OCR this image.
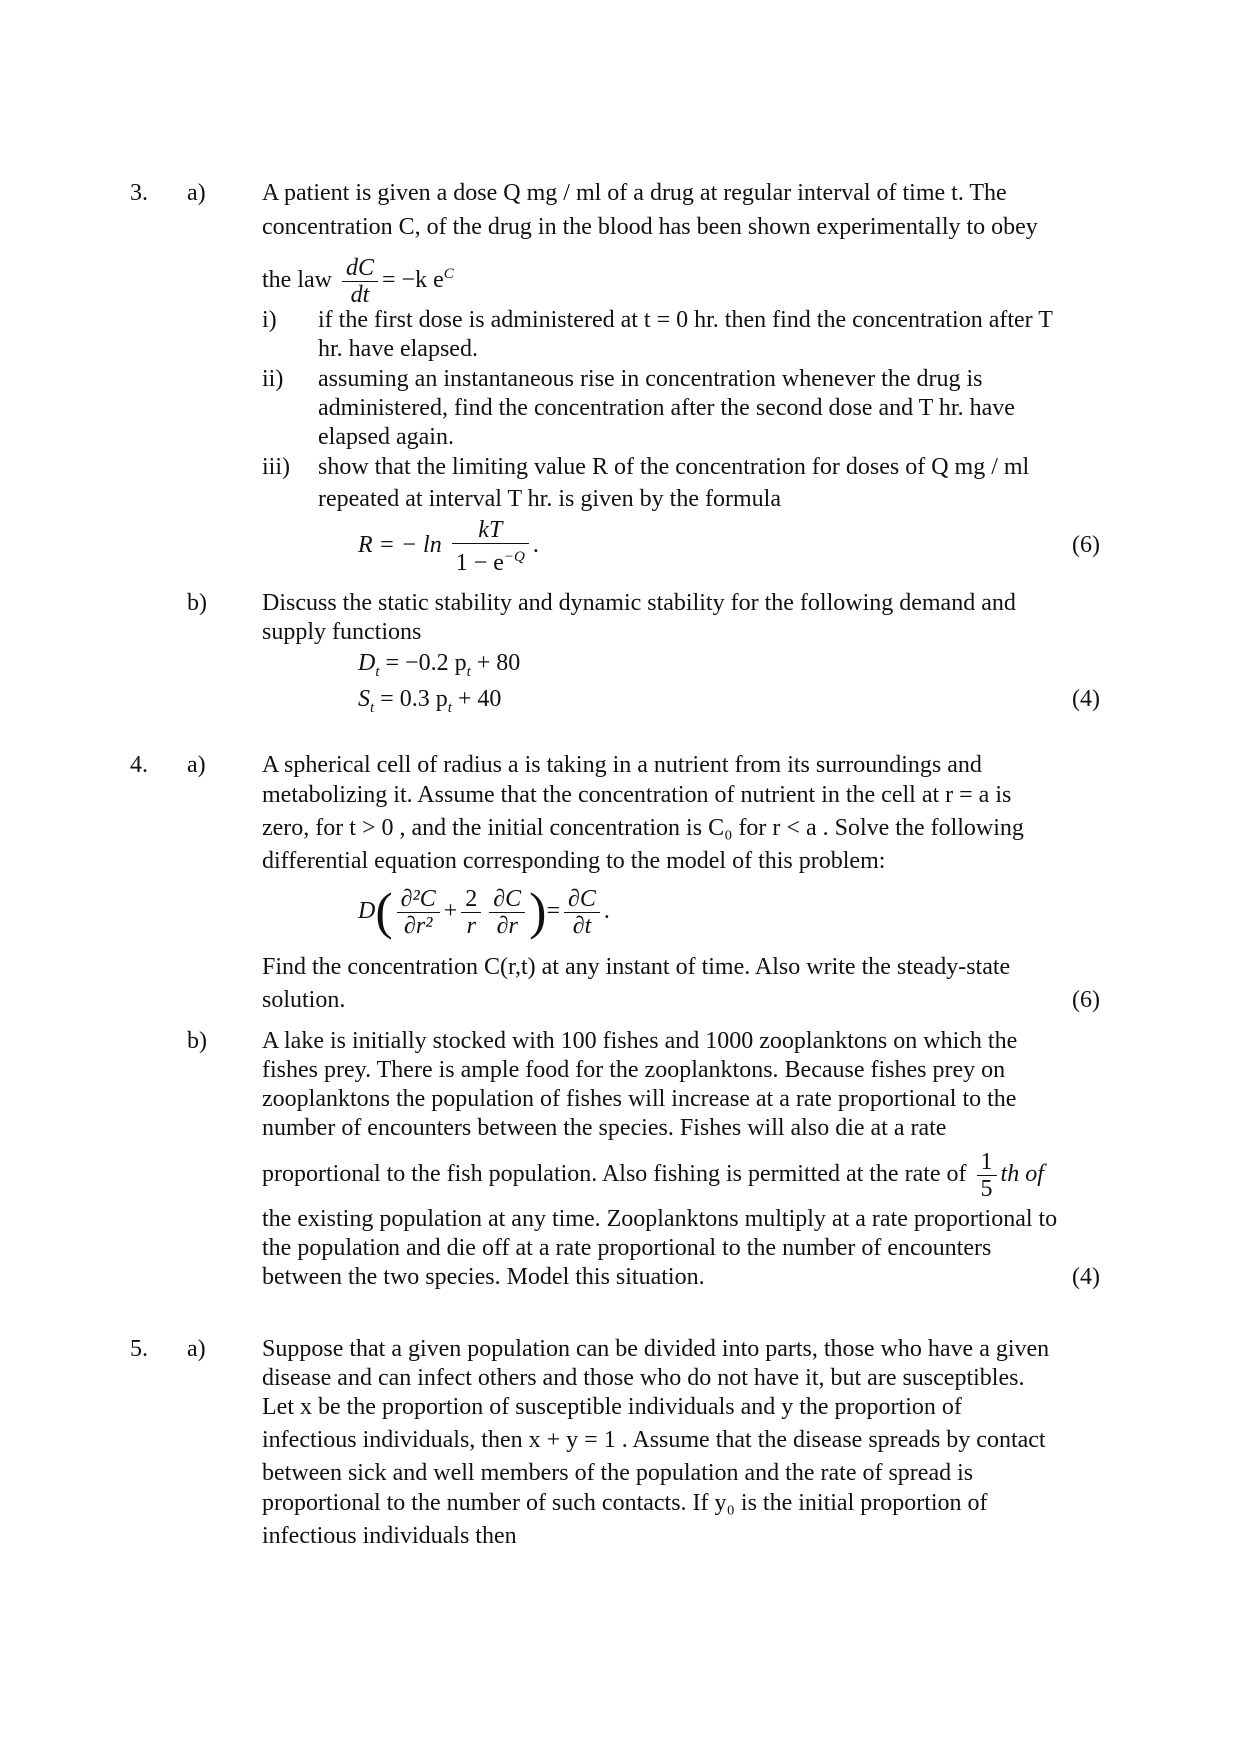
3. a) A patient is given a dose Q mg / ml of a drug at regular interval of time t. The
concentration C, of the drug in the blood has been shown experimentally to obey
the law $\frac{dC}{dt} = -k$ $e^C$
i) if the first dose is administered at t = 0 hr. then find the concentration after T
hr. have elapsed.
ii) assuming an instantaneous rise in concentration whenever the drug is
administered, find the concentration after the second dose and T hr. have
elapsed again.
iii) show that the limiting value R of the concentration for doses of Q mg / ml
repeated at interval T hr. is given by the formula
R = − $\ln \frac{kT}{1 - e^{-Q}}$ .	(6)
b) Discuss the static stability and dynamic stability for the following demand and
supply functions
$D_t = -0.2$ $p_t + 80$
$S_t = 0.3$ $p_t + 40$	(4)
4. a) A spherical cell of radius a is taking in a nutrient from its surroundings and
metabolizing it. Assume that the concentration of nutrient in the cell at r = a is
zero, for t > 0 , and the initial concentration is C₀ for r < a . Solve the following
differential equation corresponding to the model of this problem:
$D( \frac{\text{∂²C}}{\text{∂r²}} + \frac{2}{r} \frac{\partial C}{\partial r}$ )= $\frac{\partial C}{\partial t}$ .
Find the concentration C(r,t) at any instant of time. Also write the steady-state
solution.	(6)
b) A lake is initially stocked with 100 fishes and 1000 zooplanktons on which the
fishes prey. There is ample food for the zooplanktons. Because fishes prey on
zooplanktons the population of fishes will increase at a rate proportional to the
number of encounters between the species. Fishes will also die at a rate
proportional to the fish population. Also fishing is permitted at the rate of $\frac{1}{5}$ th of
the existing population at any time. Zooplanktons multiply at a rate proportional to
the population and die off at a rate proportional to the number of encounters
between the two species. Model this situation.	(4)
5. a) Suppose that a given population can be divided into parts, those who have a given
disease and can infect others and those who do not have it, but are susceptibles.
Let x be the proportion of susceptible individuals and y the proportion of
infectious individuals, then x + y = 1 . Assume that the disease spreads by contact
between sick and well members of the population and the rate of spread is
proportional to the number of such contacts. If y₀ is the initial proportion of
infectious individuals then
